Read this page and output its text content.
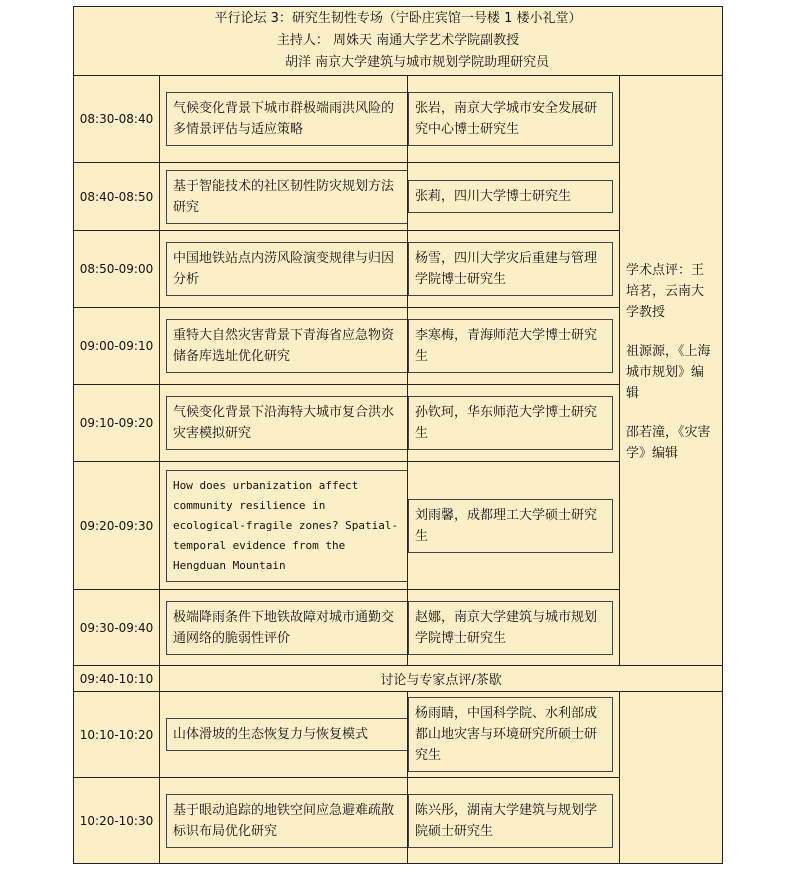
平行论坛 3：研究生韧性专场（宁卧庄宾馆一号楼 1 楼小礼堂）
主持人： 周姝天 南通大学艺术学院副教授
胡洋 南京大学建筑与城市规划学院助理研究员			

08:30-08:40	气候变化背景下城市群极端雨洪风险的多情景评估与适应策略	张岩，南京大学城市安全发展研究中心博士研究生	学术点评：王培茗，云南大学教授

祖源源，《上海城市规划》编辑

邵若潼，《灾害学》编辑

08:40-08:50	基于智能技术的社区韧性防灾规划方法研究	张莉，四川大学博士研究生	

08:50-09:00	中国地铁站点内涝风险演变规律与归因分析	杨雪，四川大学灾后重建与管理学院博士研究生	

09:00-09:10	重特大自然灾害背景下青海省应急物资储备库选址优化研究	李寒梅，青海师范大学博士研究生	

09:10-09:20	气候变化背景下沿海特大城市复合洪水灾害模拟研究	孙钦珂，华东师范大学博士研究生	

09:20-09:30	How does urbanization affect community resilience in ecological-fragile zones? Spatial-temporal evidence from the Hengduan Mountain	刘雨馨，成都理工大学硕士研究生	

09:30-09:40	极端降雨条件下地铁故障对城市通勤交通网络的脆弱性评价	赵娜，南京大学建筑与城市规划学院博士研究生	

09:40-10:10	讨论与专家点评/茶歇		
10:10-10:20	山体滑坡的生态恢复力与恢复模式	杨雨睛，中国科学院、水利部成都山地灾害与环境研究所硕士研究生	

10:20-10:30	基于眼动追踪的地铁空间应急避难疏散标识布局优化研究	陈兴彤，湖南大学建筑与规划学院硕士研究生	
